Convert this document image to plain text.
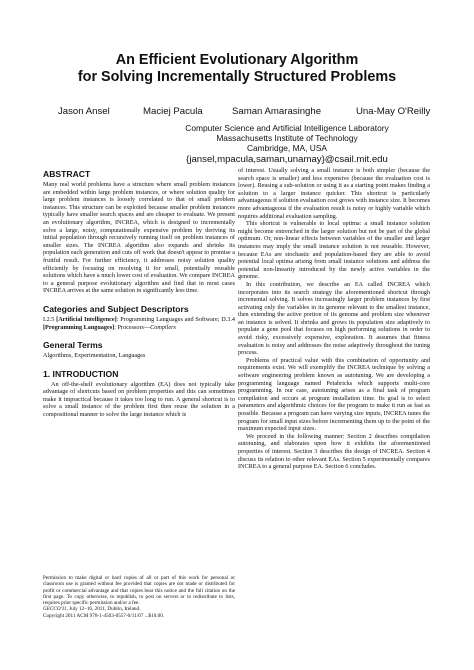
An Efficient Evolutionary Algorithm
for Solving Incrementally Structured Problems
Jason Ansel	Maciej Pacula	Saman Amarasinghe	Una-May O'Reilly
Computer Science and Artificial Intelligence Laboratory
Massachusetts Institute of Technology
Cambridge, MA, USA
{jansel,mpacula,saman,unamay}@csail.mit.edu
ABSTRACT

Many real world problems have a structure where small problem instances are embedded within large problem instances, or where solution quality for large problem instances is loosely correlated to that of small problem instances. This structure can be exploited because smaller problem instances typically have smaller search spaces and are cheaper to evaluate. We present an evolutionary algorithm, INCREA, which is designed to incrementally solve a large, noisy, computationally expensive problem by deriving its initial population through recursively running itself on problem instances of smaller sizes. The INCREA algorithm also expands and shrinks its population each generation and cuts off work that doesn't appear to promise a fruitful result. For further efficiency, it addresses noisy solution quality efficiently by focusing on resolving it for small, potentially reusable solutions which have a much lower cost of evaluation. We compare INCREA to a general purpose evolutionary algorithm and find that in most cases INCREA arrives at the same solution in significantly less time.

Categories and Subject Descriptors

I.2.5 [Artificial Intelligence]: Programming Languages and Software; D.3.4 [Programming Languages]: Processors—Compilers

General Terms

Algorithms, Experimentation, Languages

1. INTRODUCTION

An off-the-shelf evolutionary algorithm (EA) does not typically take advantage of shortcuts based on problem properties and this can sometimes make it impractical because it takes too long to run. A general shortcut is to solve a small instance of the problem first then reuse the solution in a compositional manner to solve the large instance which is

Permission to make digital or hard copies of all or part of this work for personal or classroom use is granted without fee provided that copies are not made or distributed for profit or commercial advantage and that copies bear this notice and the full citation on the first page. To copy otherwise, to republish, to post on servers or to redistribute to lists, requires prior specific permission and/or a fee.

GECCO'11, July 12–16, 2011, Dublin, Ireland.

Copyright 2011 ACM 978-1-4503-0557-0/11/07 ...$10.00.

of interest. Usually solving a small instance is both simpler (because the search space is smaller) and less expensive (because the evaluation cost is lower). Reusing a sub-solution or using it as a starting point makes finding a solution to a larger instance quicker. This shortcut is particularly advantageous if solution evaluation cost grows with instance size. It becomes more advantageous if the evaluation result is noisy or highly variable which requires additional evaluation sampling.

This shortcut is vulnerable to local optima: a small instance solution might become entrenched in the larger solution but not be part of the global optimum. Or, non-linear effects between variables of the smaller and larger instances may imply the small instance solution is not reusable. However, because EAs are stochastic and population-based they are able to avoid potential local optima arising from small instance solutions and address the potential non-linearity introduced by the newly active variables in the genome.

In this contribution, we describe an EA called INCREA which incorporates into its search strategy the aforementioned shortcut through incremental solving. It solves increasingly larger problem instances by first activating only the variables in its genome relevant to the smallest instance, then extending the active portion of its genome and problem size whenever an instance is solved. It shrinks and grows its population size adaptively to populate a gene pool that focuses on high performing solutions in order to avoid risky, excessively expensive, exploration. It assumes that fitness evaluation is noisy and addresses the noise adaptively throughout the tuning process.

Problems of practical value with this combination of opportunity and requirements exist. We will exemplify the INCREA technique by solving a software engineering problem known as autotuning. We are developing a programming language named Petabricks which supports multi-core programming. In our case, autotuning arises as a final task of program compilation and occurs at program installation time. Its goal is to select parameters and algorithmic choices for the program to make it run as fast as possible. Because a program can have varying size inputs, INCREA tunes the program for small input sizes before incrementing them up to the point of the maximum expected input sizes.

We proceed in the following manner: Section 2 describes compilation autotuning, and elaborates upon how it exhibits the aforementioned properties of interest. Section 3 describes the design of INCREA. Section 4 discuss its relation to other relevant EAs. Section 5 experimentally compares INCREA to a general purpose EA. Section 6 concludes.
